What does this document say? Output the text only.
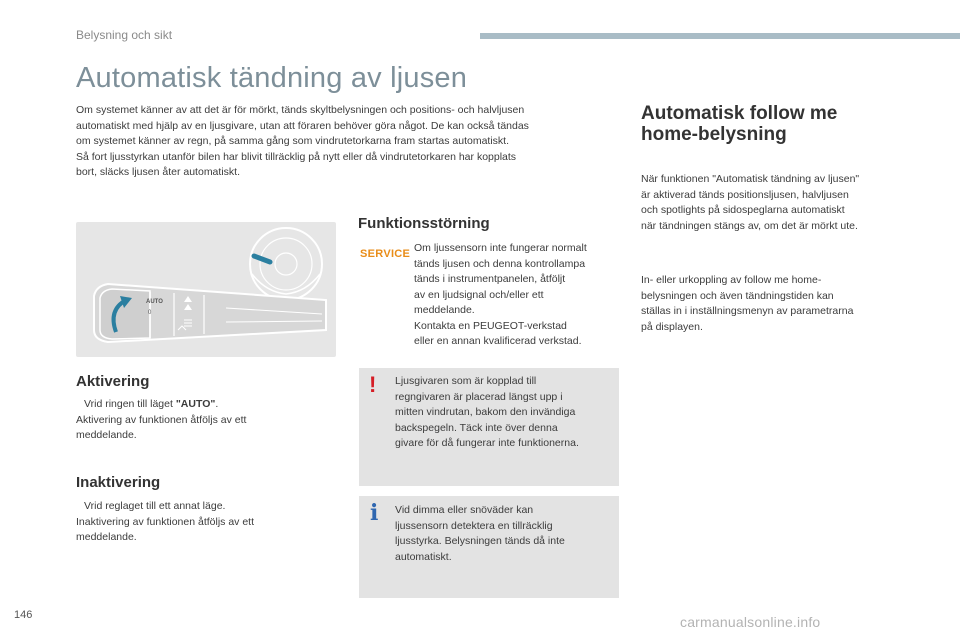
Belysning och sikt
Automatisk tändning av ljusen
Om systemet känner av att det är för mörkt, tänds skyltbelysningen och positions- och halvljusen
automatiskt med hjälp av en ljusgivare, utan att föraren behöver göra något. De kan också tändas
om systemet känner av regn, på samma gång som vindrutetorkarna fram startas automatiskt.
Så fort ljusstyrkan utanför bilen har blivit tillräcklig på nytt eller då vindrutetorkaren har kopplats
bort, släcks ljusen åter automatiskt.
AUTO
0
Aktivering
Vrid ringen till läget "AUTO".
Aktivering av funktionen åtföljs av ett
meddelande.
Inaktivering
Vrid reglaget till ett annat läge.
Inaktivering av funktionen åtföljs av ett
meddelande.
Funktionsstörning
SERVICE Om ljussensorn inte fungerar normalt
tänds ljusen och denna kontrollampa
tänds i instrumentpanelen, åtföljt
av en ljudsignal och/eller ett
meddelande.
Kontakta en PEUGEOT-verkstad
eller en annan kvalificerad verkstad.
! Ljusgivaren som är kopplad till
regngivaren är placerad längst upp i
mitten vindrutan, bakom den invändiga
backspegeln. Täck inte över denna
givare för då fungerar inte funktionerna.
i Vid dimma eller snöväder kan
ljussensorn detektera en tillräcklig
ljusstyrka. Belysningen tänds då inte
automatiskt.
Automatisk follow me
home-belysning
När funktionen "Automatisk tändning av ljusen"
är aktiverad tänds positionsljusen, halvljusen
och spotlights på sidospeglarna automatiskt
när tändningen stängs av, om det är mörkt ute.
In- eller urkoppling av follow me home-
belysningen och även tändningstiden kan
ställas in i inställningsmenyn av parametrarna
på displayen.
146	carmanualsonline.info
